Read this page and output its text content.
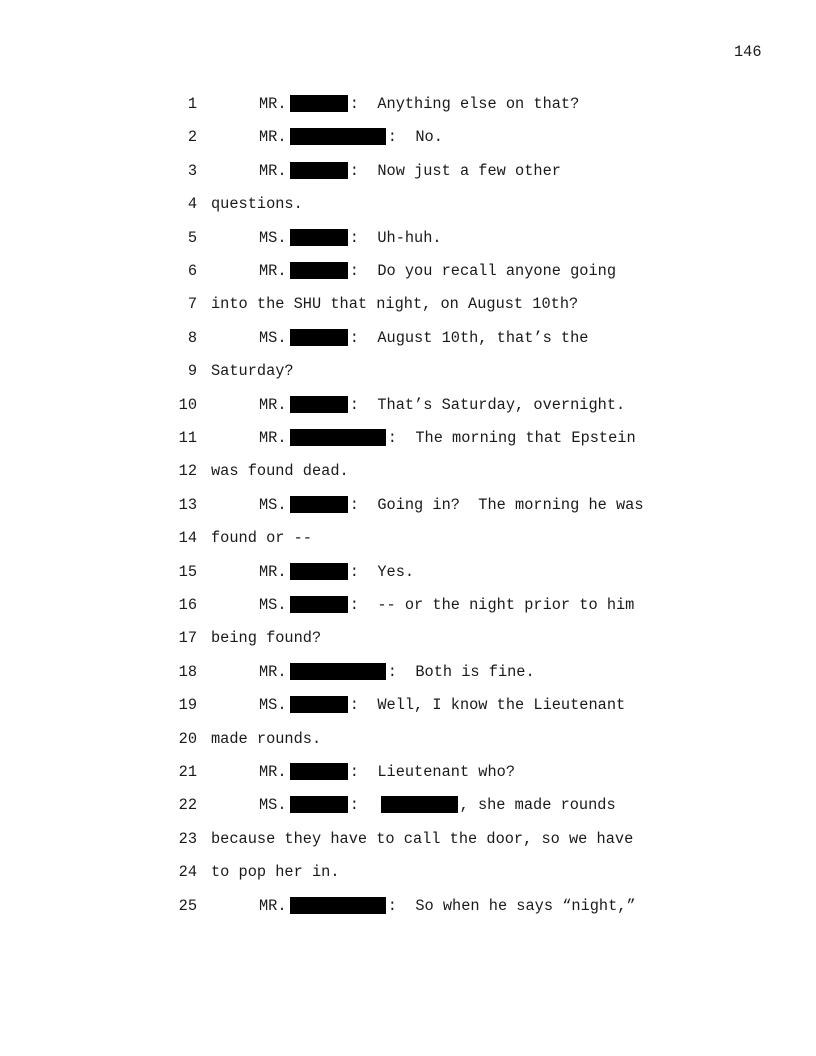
146
1	MR.	:  Anything else on that?
2	MR.	:  No.
3	MR.	:  Now just a few other
4 questions.
5	MS.	:  Uh-huh.
6	MR.	:  Do you recall anyone going
7 into the SHU that night, on August 10th?
8	MS.	:  August 10th, that’s the
9 Saturday?
10	MR.	:  That’s Saturday, overnight.
11	MR.	:  The morning that Epstein
12 was found dead.
13	MS.	:  Going in?  The morning he was
14 found or --
15	MR.	:  Yes.
16	MS.	:  -- or the night prior to him
17 being found?
18	MR.	:  Both is fine.
19	MS.	:  Well, I know the Lieutenant
20 made rounds.
21	MR.	:  Lieutenant who?
22	MS.	:	, she made rounds
23 because they have to call the door, so we have
24 to pop her in.
25	MR.	:  So when he says “night,”
